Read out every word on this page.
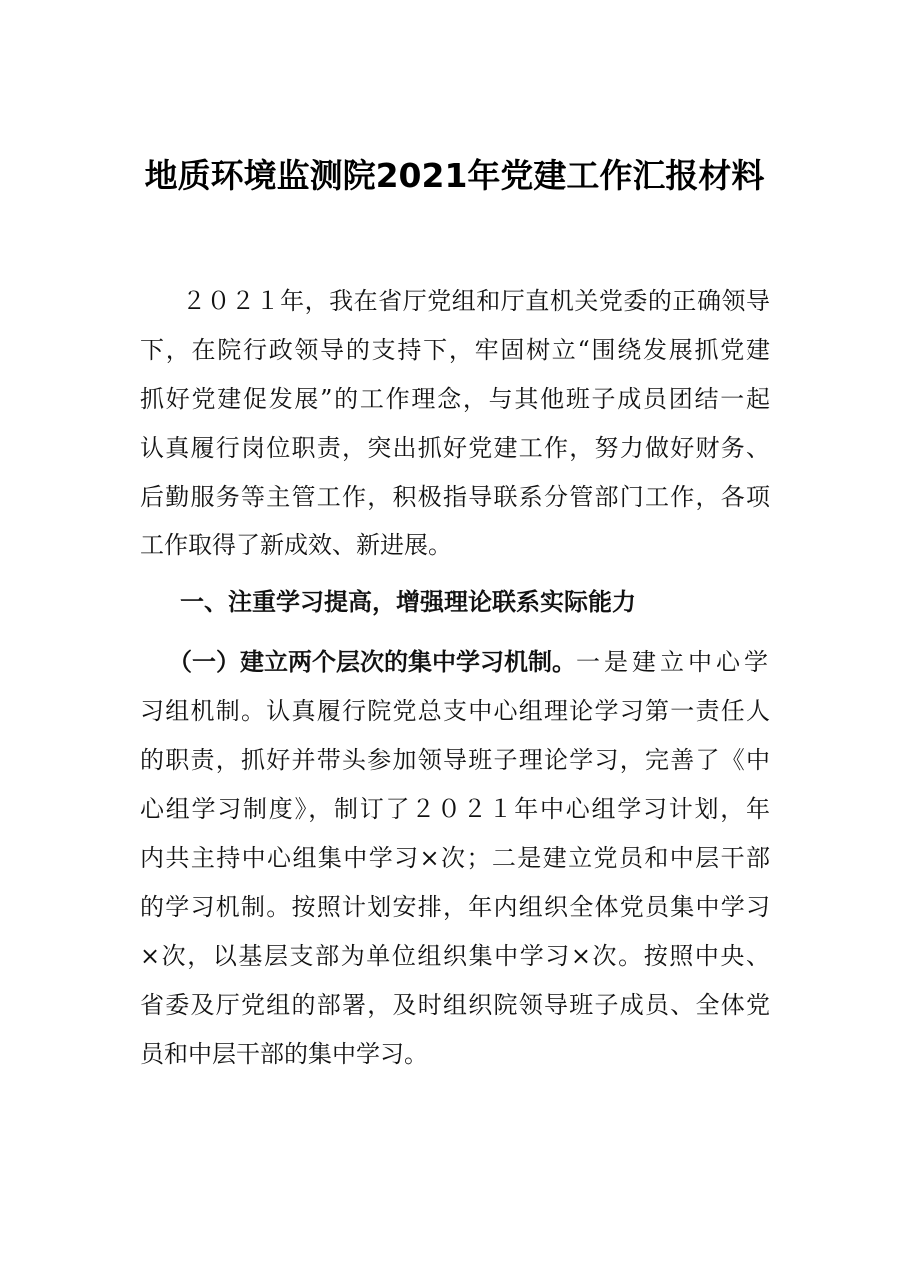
地质环境监测院2021年党建工作汇报材料
２０２１年，我在省厅党组和厅直机关党委的正确领导
下，在院行政领导的支持下，牢固树立“围绕发展抓党建
抓好党建促发展”的工作理念，与其他班子成员团结一起
认真履行岗位职责，突出抓好党建工作，努力做好财务、
后勤服务等主管工作，积极指导联系分管部门工作，各项
工作取得了新成效、新进展。
一、注重学习提高，增强理论联系实际能力
（一）建立两个层次的集中学习机制。 一是建立中心学
习组机制。认真履行院党总支中心组理论学习第一责任人
的职责，抓好并带头参加领导班子理论学习，完善了《中
心组学习制度》，制订了２０２１年中心组学习计划，年
内共主持中心组集中学习×次；二是建立党员和中层干部
的学习机制。按照计划安排，年内组织全体党员集中学习
×次，以基层支部为单位组织集中学习×次。按照中央、
省委及厅党组的部署，及时组织院领导班子成员、全体党
员和中层干部的集中学习。
